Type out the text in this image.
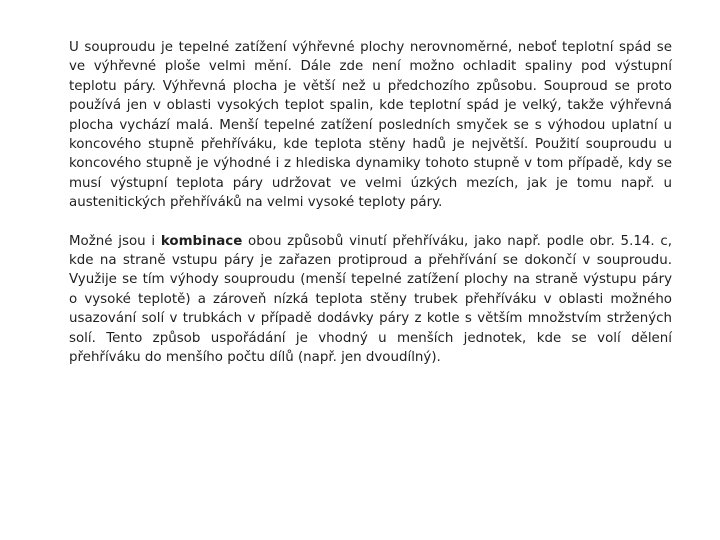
U souproudu je tepelné zatížení výhřevné plochy nerovnoměrné, neboť teplotní spád se ve výhřevné ploše velmi mění. Dále zde není možno ochladit spaliny pod výstupní teplotu páry. Výhřevná plocha je větší než u předchozího způsobu. Souproud se proto používá jen v oblasti vysokých teplot spalin, kde teplotní spád je velký, takže výhřevná plocha vychází malá. Menší tepelné zatížení posledních smyček se s výhodou uplatní u koncového stupně přehříváku, kde teplota stěny hadů je největší. Použití souproudu u koncového stupně je výhodné i z hlediska dynamiky tohoto stupně v tom případě, kdy se musí výstupní teplota páry udržovat ve velmi úzkých mezích, jak je tomu např. u austenitických přehříváků na velmi vysoké teploty páry.

Možné jsou i kombinace obou způsobů vinutí přehříváku, jako např. podle obr. 5.14. c, kde na straně vstupu páry je zařazen protiproud a přehřívání se dokončí v souproudu. Využije se tím výhody souproudu (menší tepelné zatížení plochy na straně výstupu páry o vysoké teplotě) a zároveň nízká teplota stěny trubek přehříváku v oblasti možného usazování solí v trubkách v případě dodávky páry z kotle s větším množstvím stržených solí. Tento způsob uspořádání je vhodný u menších jednotek, kde se volí dělení přehříváku do menšího počtu dílů (např. jen dvoudílný).
